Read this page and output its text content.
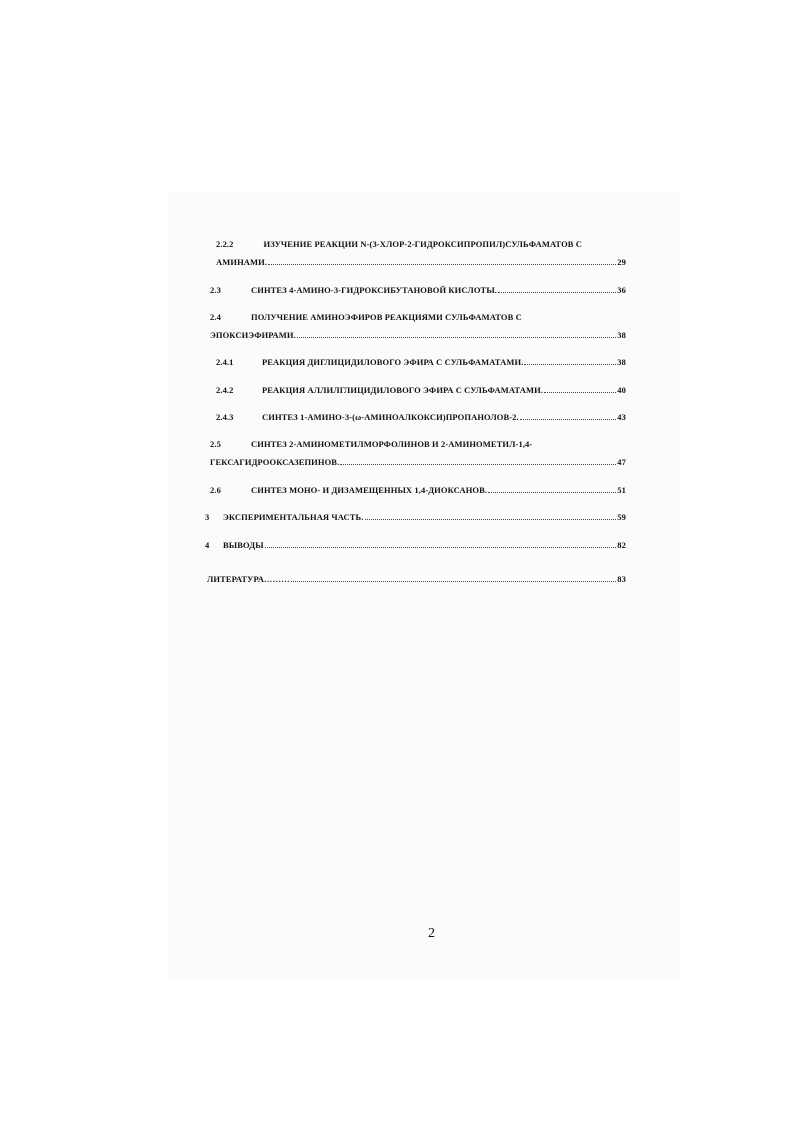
2.2.2	ИЗУЧЕНИЕ РЕАКЦИИ N-(3-ХЛОР-2-ГИДРОКСИПРОПИЛ)СУЛЬФАМАТОВ С
АМИНАМИ.	29
2.3	СИНТЕЗ 4-АМИНО-3-ГИДРОКСИБУТАНОВОЙ КИСЛОТЫ.	36
2.4	ПОЛУЧЕНИЕ АМИНОЭФИРОВ РЕАКЦИЯМИ СУЛЬФАМАТОВ С
ЭПОКСИЭФИРАМИ.	38
2.4.1	РЕАКЦИЯ ДИГЛИЦИДИЛОВОГО ЭФИРА С СУЛЬФАМАТАМИ.	38
2.4.2	РЕАКЦИЯ АЛЛИЛГЛИЦИДИЛОВОГО ЭФИРА С СУЛЬФАМАТАМИ.	40
2.4.3	СИНТЕЗ 1-АМИНО-3-(ω-АМИНОАЛКОКСИ)ПРОПАНОЛОВ-2.	43
2.5	СИНТЕЗ 2-АМИНОМЕТИЛМОРФОЛИНОВ И 2-АМИНОМЕТИЛ-1,4-
ГЕКСАГИДРООКСАЗЕПИНОВ.	47
2.6	СИНТЕЗ МОНО- И ДИЗАМЕЩЕННЫХ 1,4-ДИОКСАНОВ.	51
3	ЭКСПЕРИМЕНТАЛЬНАЯ ЧАСТЬ.	59
4	ВЫВОДЫ	82
ЛИТЕРАТУРА………	83
2
